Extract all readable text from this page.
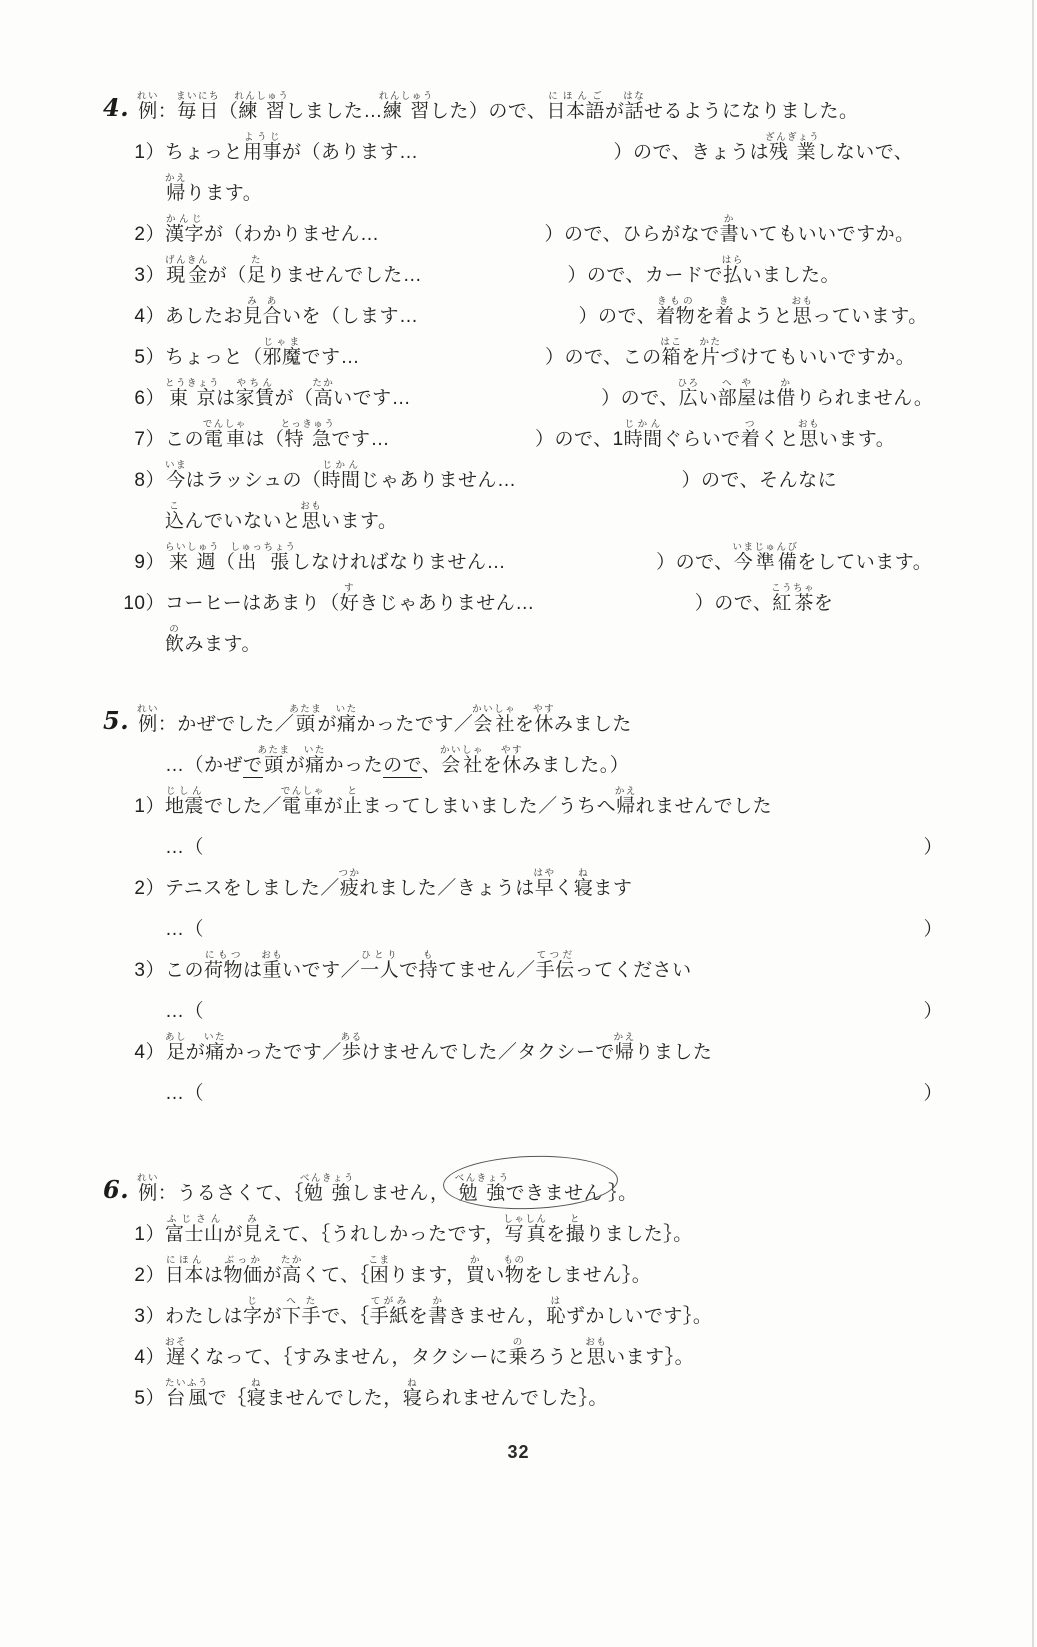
4. 例れい：毎日まいにち（練習れんしゅうしました…練習れんしゅうした）ので、日本語にほんごが話はなせるようになりました。
1） ちょっと用事ようじが（あります…	）ので、きょうは残業ざんぎょうしないで、
帰かえります。
2） 漢字かんじが（わかりません…	）ので、ひらがなで書かいてもいいですか。
3） 現金げんきんが（足たりませんでした…	）ので、カードで払はらいました。
4） あしたお見合みあいを（します…	）ので、着物きものを着きようと思おもっています。
5） ちょっと（邪魔じゃまです…	）ので、この箱はこを片かたづけてもいいですか。
6） 東京とうきょうは家賃やちんが（高たかいです…	）ので、広ひろい部屋へやは借かりられません。
7） この電車でんしゃは（特急とっきゅうです…	）ので、1時間じかんぐらいで着つくと思おもいます。
8） 今いまはラッシュの（時間じかんじゃありません…	）ので、そんなに
込こんでいないと思おもいます。
9） 来週らいしゅう（出張しゅっちょうしなければなりません…	）ので、今いま準備じゅんびをしています。
10） コーヒーはあまり（好すきじゃありません…	）ので、紅茶こうちゃを
飲のみます。
5. 例れい：かぜでした／頭あたまが痛いたかったです／会社かいしゃを休やすみました
…（かぜで頭あたまが痛いたかったので、会社かいしゃを休やすみました。）
1） 地震じしんでした／電車でんしゃが止とまってしまいました／うちへ帰かえれませんでした
…（	）
2） テニスをしました／疲つかれました／きょうは早はやく寝ねます
…（	）
3） この荷物にもつは重おもいです／一人ひとりで持もてません／手伝てつだってください
…（	）
4） 足あしが痛いたかったです／歩あるけませんでした／タクシーで帰かえりました
…（	）
6. 例れい：うるさくて、｛勉強べんきょうしません， 勉強べんきょうできません ｝。
1） 富士山ふじさんが見みえて、｛うれしかったです，写真しゃしんを撮とりました｝。
2） 日本にほんは物価ぶっかが高たかくて、｛困こまります，買かい物ものをしません｝。
3） わたしは字じが下手へたで、｛手紙てがみを書かきません，恥はずかしいです｝。
4） 遅おそくなって、｛すみません，タクシーに乗のろうと思おもいます｝。
5） 台風たいふうで｛寝ねませんでした，寝ねられませんでした｝。
32
